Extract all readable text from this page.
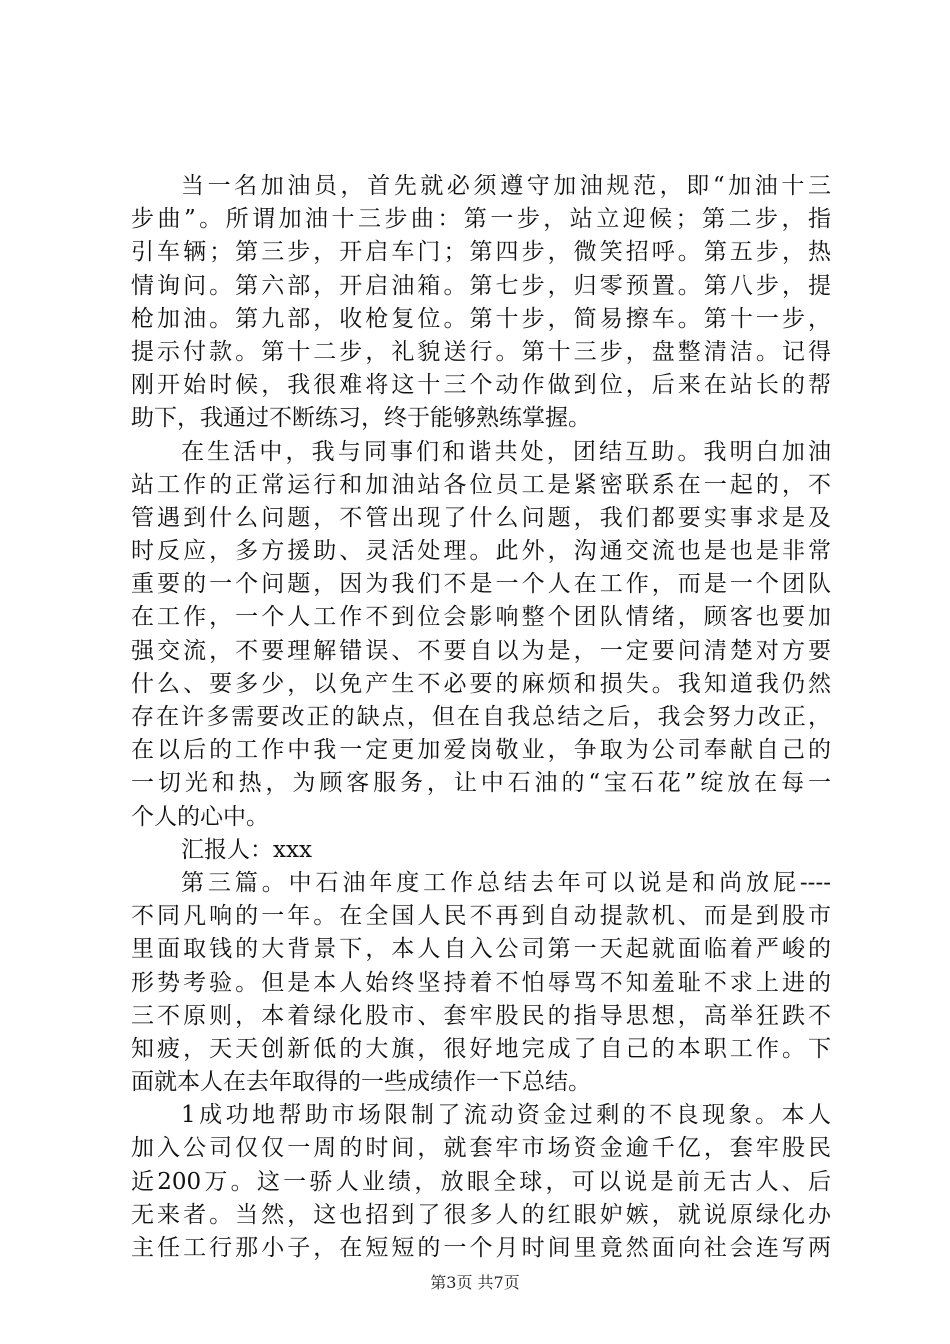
当一名加油员，首先就必须遵守加油规范，即“加油十三
步曲”。所谓加油十三步曲：第一步，站立迎候；第二步，指
引车辆；第三步，开启车门；第四步，微笑招呼。第五步，热
情询问。第六部，开启油箱。第七步，归零预置。第八步，提
枪加油。第九部，收枪复位。第十步，简易擦车。第十一步，
提示付款。第十二步，礼貌送行。第十三步，盘整清洁。记得
刚开始时候，我很难将这十三个动作做到位，后来在站长的帮
助下，我通过不断练习，终于能够熟练掌握。
在生活中，我与同事们和谐共处，团结互助。我明白加油
站工作的正常运行和加油站各位员工是紧密联系在一起的，不
管遇到什么问题，不管出现了什么问题，我们都要实事求是及
时反应，多方援助、灵活处理。此外，沟通交流也是也是非常
重要的一个问题，因为我们不是一个人在工作，而是一个团队
在工作，一个人工作不到位会影响整个团队情绪，顾客也要加
强交流，不要理解错误、不要自以为是，一定要问清楚对方要
什么、要多少，以免产生不必要的麻烦和损失。我知道我仍然
存在许多需要改正的缺点，但在自我总结之后，我会努力改正，
在以后的工作中我一定更加爱岗敬业，争取为公司奉献自己的
一切光和热，为顾客服务，让中石油的“宝石花”绽放在每一
个人的心中。
汇报人：xxx
第三篇。中石油年度工作总结去年可以说是和尚放屁----
不同凡响的一年。在全国人民不再到自动提款机、而是到股市
里面取钱的大背景下，本人自入公司第一天起就面临着严峻的
形势考验。但是本人始终坚持着不怕辱骂不知羞耻不求上进的
三不原则，本着绿化股市、套牢股民的指导思想，高举狂跌不
知疲，天天创新低的大旗，很好地完成了自己的本职工作。下
面就本人在去年取得的一些成绩作一下总结。
1成功地帮助市场限制了流动资金过剩的不良现象。本人
加入公司仅仅一周的时间，就套牢市场资金逾千亿，套牢股民
近200万。这一骄人业绩，放眼全球，可以说是前无古人、后
无来者。当然，这也招到了很多人的红眼妒嫉，就说原绿化办
主任工行那小子，在短短的一个月时间里竟然面向社会连写两
第3页 共7页
